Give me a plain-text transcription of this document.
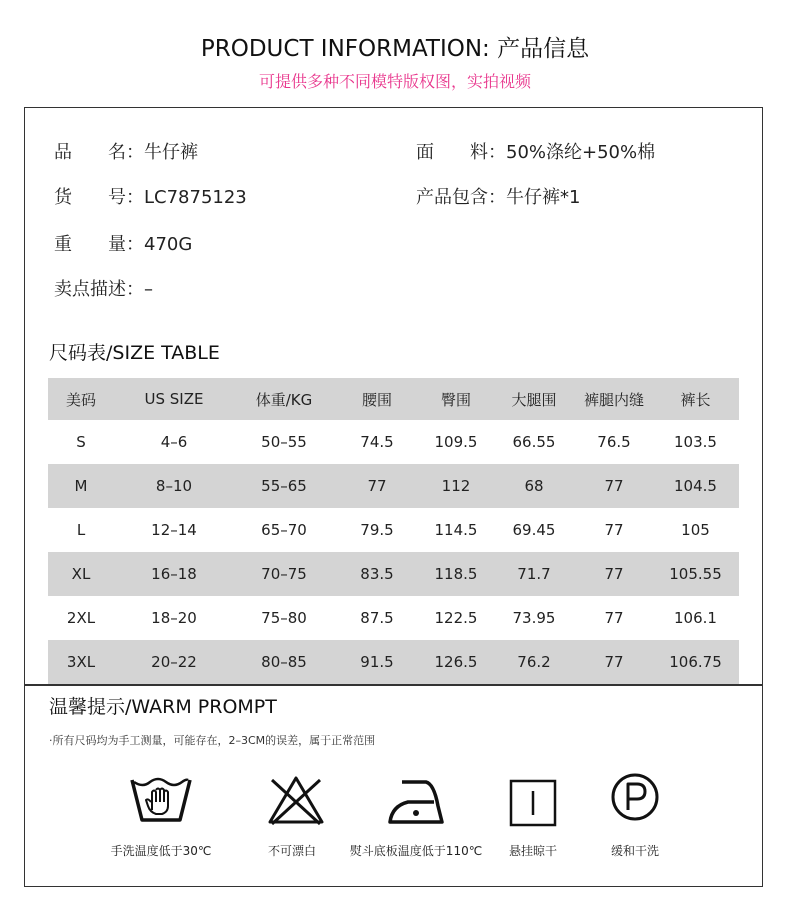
PRODUCT INFORMATION: 产品信息
可提供多种不同模特版权图，实拍视频
品　　名：牛仔裤	面　　料：50%涤纶+50%棉
货　　号：LC7875123	产品包含：牛仔裤*1
重　　量：470G
卖点描述：–
尺码表/SIZE TABLE
美码	US SIZE	体重/KG	腰围	臀围	大腿围	裤腿内缝	裤长
S	4–6	50–55	74.5	109.5	66.55	76.5	103.5
M	8–10	55–65	77	112	68	77	104.5
L	12–14	65–70	79.5	114.5	69.45	77	105
XL	16–18	70–75	83.5	118.5	71.7	77	105.55
2XL	18–20	75–80	87.5	122.5	73.95	77	106.1
3XL	20–22	80–85	91.5	126.5	76.2	77	106.75
温馨提示/WARM PROMPT
·所有尺码均为手工测量，可能存在，2–3CM的误差，属于正常范围
手洗温度低于30℃	不可漂白	熨斗底板温度低于110℃ 悬挂晾干	缓和干洗
